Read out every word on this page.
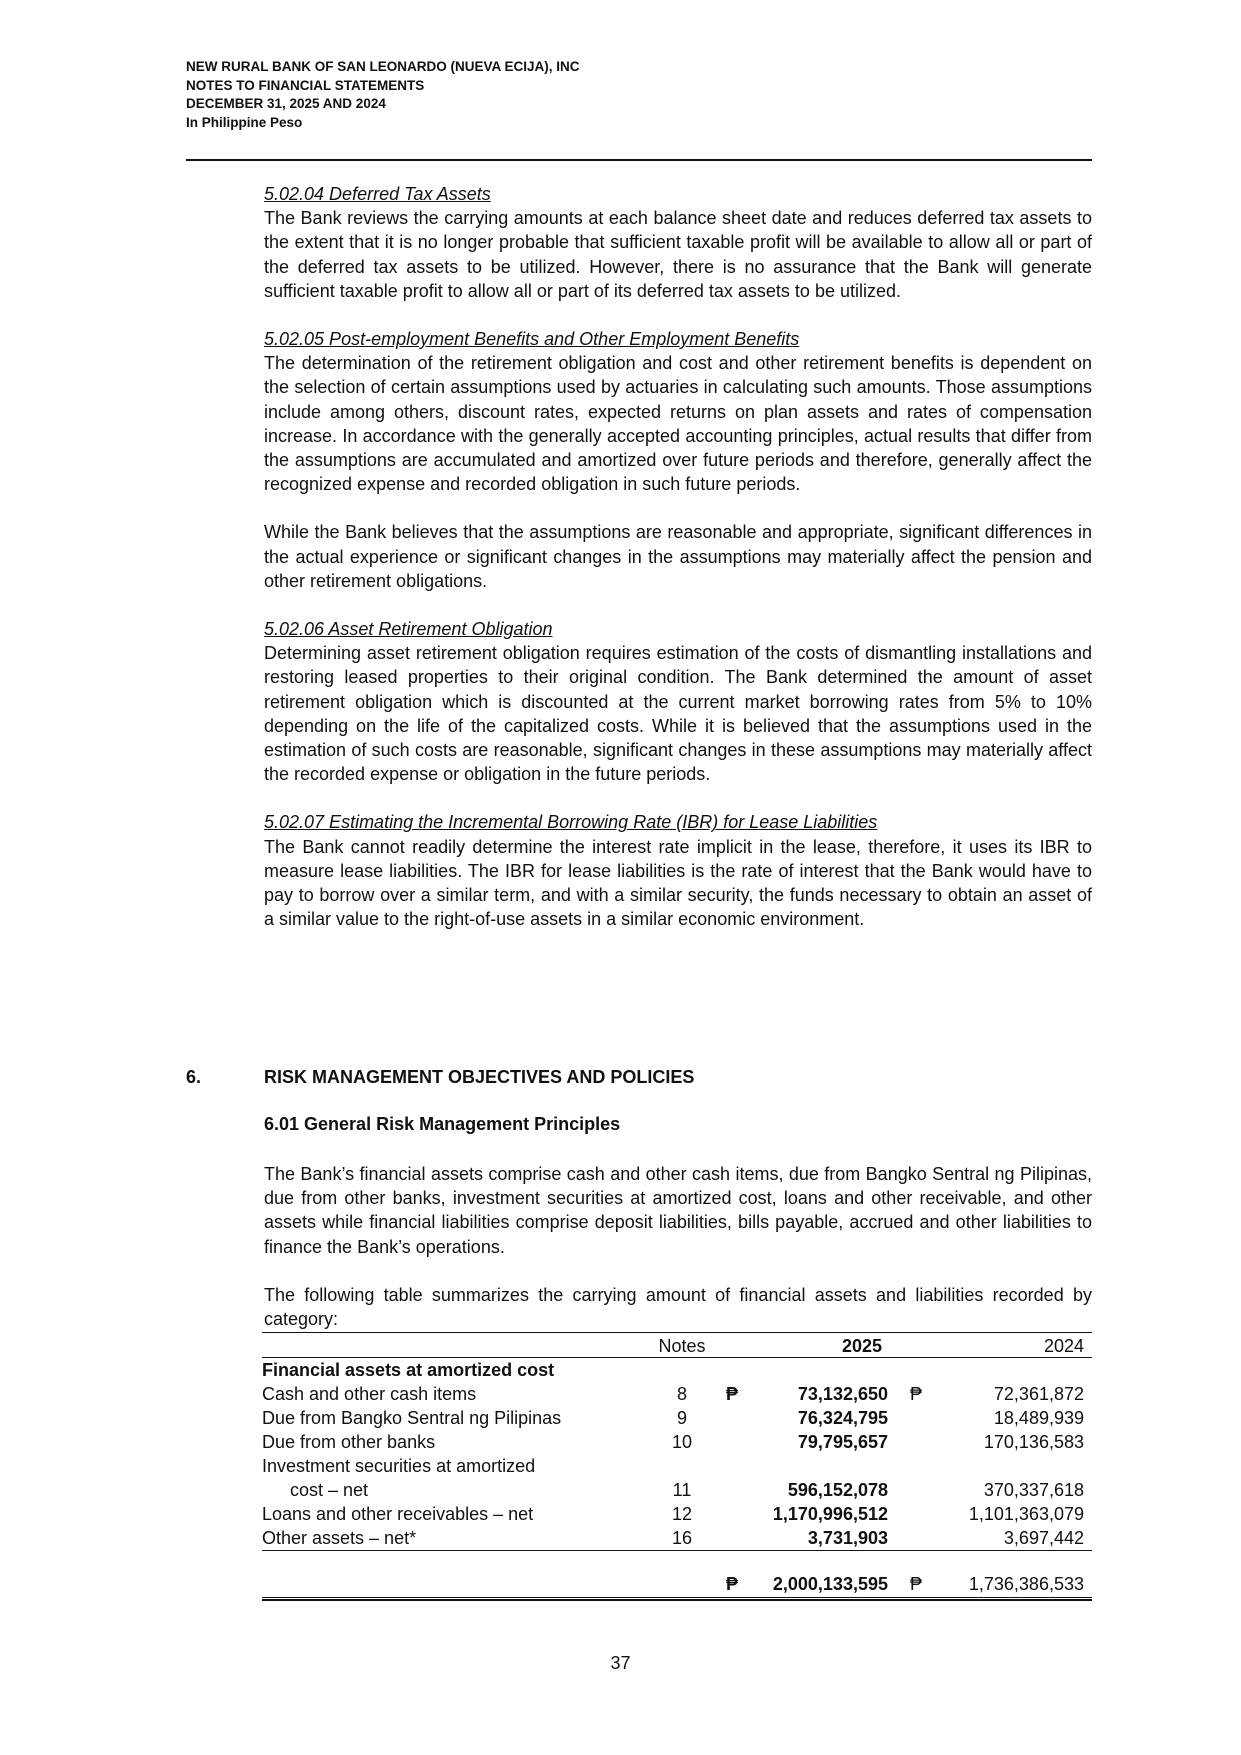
NEW RURAL BANK OF SAN LEONARDO (NUEVA ECIJA), INC
NOTES TO FINANCIAL STATEMENTS
DECEMBER 31, 2025 AND 2024
In Philippine Peso

5.02.04 Deferred Tax Assets

The Bank reviews the carrying amounts at each balance sheet date and reduces deferred tax assets to the extent that it is no longer probable that sufficient taxable profit will be available to allow all or part of the deferred tax assets to be utilized. However, there is no assurance that the Bank will generate sufficient taxable profit to allow all or part of its deferred tax assets to be utilized.

5.02.05 Post-employment Benefits and Other Employment Benefits

The determination of the retirement obligation and cost and other retirement benefits is dependent on the selection of certain assumptions used by actuaries in calculating such amounts. Those assumptions include among others, discount rates, expected returns on plan assets and rates of compensation increase. In accordance with the generally accepted accounting principles, actual results that differ from the assumptions are accumulated and amortized over future periods and therefore, generally affect the recognized expense and recorded obligation in such future periods.

While the Bank believes that the assumptions are reasonable and appropriate, significant differences in the actual experience or significant changes in the assumptions may materially affect the pension and other retirement obligations.

5.02.06 Asset Retirement Obligation

Determining asset retirement obligation requires estimation of the costs of dismantling installations and restoring leased properties to their original condition. The Bank determined the amount of asset retirement obligation which is discounted at the current market borrowing rates from 5% to 10% depending on the life of the capitalized costs. While it is believed that the assumptions used in the estimation of such costs are reasonable, significant changes in these assumptions may materially affect the recorded expense or obligation in the future periods.

5.02.07 Estimating the Incremental Borrowing Rate (IBR) for Lease Liabilities

The Bank cannot readily determine the interest rate implicit in the lease, therefore, it uses its IBR to measure lease liabilities. The IBR for lease liabilities is the rate of interest that the Bank would have to pay to borrow over a similar term, and with a similar security, the funds necessary to obtain an asset of a similar value to the right-of-use assets in a similar economic environment.

6.	RISK MANAGEMENT OBJECTIVES AND POLICIES
6.01 General Risk Management Principles

The Bank’s financial assets comprise cash and other cash items, due from Bangko Sentral ng Pilipinas, due from other banks, investment securities at amortized cost, loans and other receivable, and other assets while financial liabilities comprise deposit liabilities, bills payable, accrued and other liabilities to finance the Bank’s operations.

The following table summarizes the carrying amount of financial assets and liabilities recorded by category:

Notes	2025	2024
Financial assets at amortized cost
Cash and other cash items	8	₱	73,132,650 ₱	72,361,872
Due from Bangko Sentral ng Pilipinas	9	76,324,795	18,489,939
Due from other banks	10	79,795,657	170,136,583
Investment securities at amortized
cost – net	11	596,152,078	370,337,618
Loans and other receivables – net	12	1,170,996,512	1,101,363,079
Other assets – net*	16	3,731,903	3,697,442
₱	2,000,133,595 ₱	1,736,386,533
37
